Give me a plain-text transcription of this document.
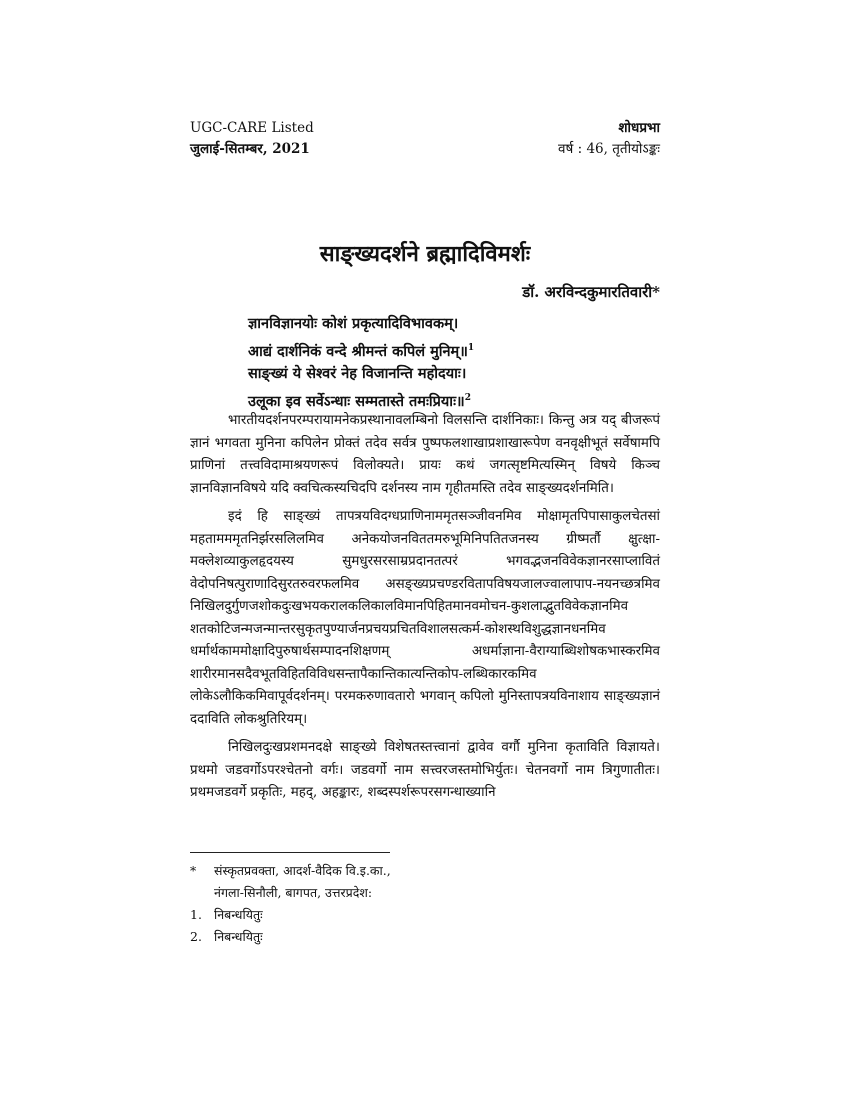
UGC-CARE Listed
जुलाई-सितम्बर, 2021
शोधप्रभा
वर्ष : 46, तृतीयोऽङ्कः
साङ्ख्यदर्शने ब्रह्मादिविमर्शः
डॉ. अरविन्दकुमारतिवारी*
ज्ञानविज्ञानयोः कोशं प्रकृत्यादिविभावकम्।
आद्यं दार्शनिकं वन्दे श्रीमन्तं कपिलं मुनिम्॥$^1$
साङ्ख्यं ये सेश्वरं नेह विजानन्ति महोदयाः।
उलूका इव सर्वेऽन्धाः सम्मतास्ते तमःप्रियाः॥$^2$

भारतीयदर्शनपरम्परायामनेकप्रस्थानावलम्बिनो विलसन्ति दार्शनिकाः। किन्तु अत्र यद् बीजरूपं ज्ञानं भगवता मुनिना कपिलेन प्रोक्तं तदेव सर्वत्र पुष्पफलशाखाप्रशाखारूपेण वनवृक्षीभूतं सर्वेषामपि प्राणिनां तत्त्वविदामाश्रयणरूपं विलोक्यते। प्रायः कथं जगत्सृष्टमित्यस्मिन् विषये किञ्च ज्ञानविज्ञानविषये यदि क्वचित्कस्यचिदपि दर्शनस्य नाम गृहीतमस्ति तदेव साङ्ख्यदर्शनमिति।

इदं हि साङ्ख्यं तापत्रयविदग्धप्राणिनाममृतसञ्जीवनमिव मोक्षामृतपिपासाकुलचेतसां महतामममृतनिर्झरसलिलमिव अनेकयोजनविततमरुभूमिनिपतितजनस्य ग्रीष्मर्तौ क्षुत्क्षा-मक्लेशव्याकुलहृदयस्य सुमधुरसरसाम्रप्रदानतत्परं भगवद्भजनविवेकज्ञानरसाप्लावितं वेदोपनिषत्पुराणादिसुरतरुवरफलमिव असङ्ख्यप्रचण्डरवितापविषयजालज्वालापाप-नयनच्छत्रमिव निखिलदुर्गुणजशोकदुःखभयकरालकलिकालविमानपिहितमानवमोचन-कुशलाद्भुतविवेकज्ञानमिव शतकोटिजन्मजन्मान्तरसुकृतपुण्यार्जनप्रचयप्रचितविशालसत्कर्म-कोशस्थविशुद्धज्ञानधनमिव धर्मार्थकाममोक्षादिपुरुषार्थसम्पादनशिक्षणम् अधर्माज्ञाना-वैराग्याब्धिशोषकभास्करमिव शारीरमानसदैवभूतविहितविविधसन्तापैकान्तिकात्यन्तिकोप-लब्धिकारकमिव लोकेऽलौकिकमिवापूर्वदर्शनम्। परमकरुणावतारो भगवान् कपिलो मुनिस्तापत्रयविनाशाय साङ्ख्यज्ञानं ददाविति लोकश्रुतिरियम्।

निखिलदुःखप्रशमनदक्षे साङ्ख्ये विशेषतस्तत्त्वानां द्वावेव वर्गौ मुनिना कृताविति विज्ञायते। प्रथमो जडवर्गोऽपरश्चेतनो वर्गः। जडवर्गो नाम सत्त्वरजस्तमोभिर्युतः। चेतनवर्गो नाम त्रिगुणातीतः। प्रथमजडवर्गे प्रकृतिः, महद्, अहङ्कारः, शब्दस्पर्शरूपरसगन्धाख्यानि

*	संस्कृतप्रवक्ता, आदर्श-वैदिक वि.इ.का.,
नंगला-सिनौली, बागपत, उत्तरप्रदेश:
1. निबन्धयितुः
2. निबन्धयितुः
